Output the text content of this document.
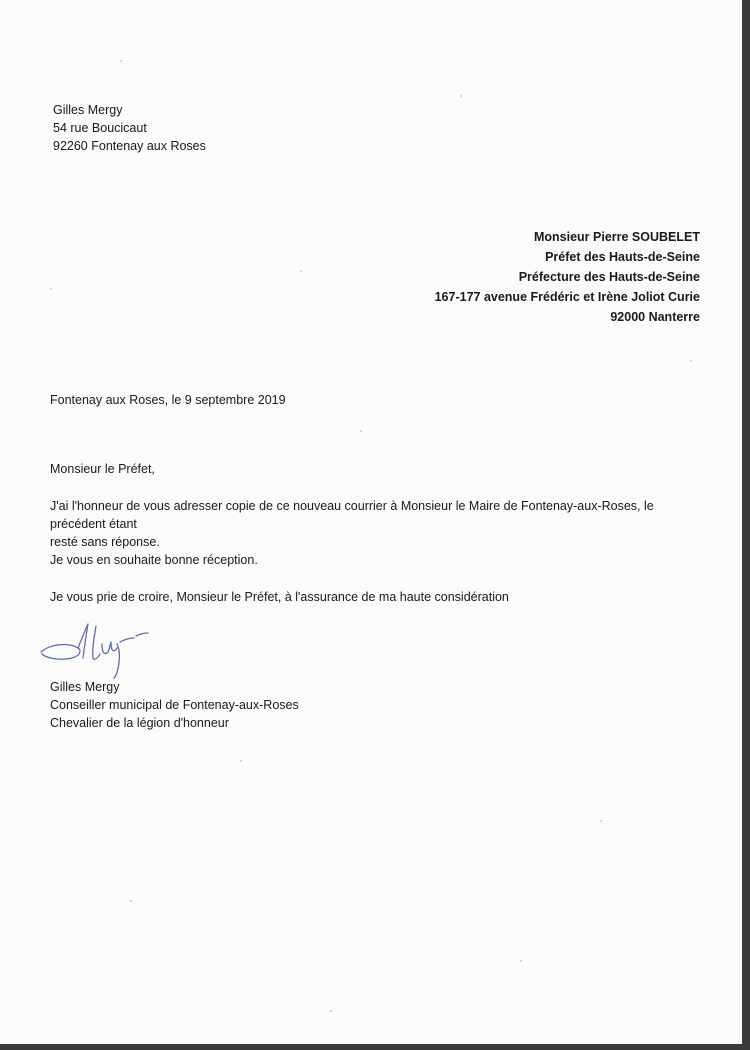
Gilles Mergy
54 rue Boucicaut
92260 Fontenay aux Roses
Monsieur Pierre SOUBELET
Préfet des Hauts-de-Seine
Préfecture des Hauts-de-Seine
167-177 avenue Frédéric et Irène Joliot Curie
92000 Nanterre
Fontenay aux Roses, le 9 septembre 2019
Monsieur le Préfet,
J'ai l'honneur de vous adresser copie de ce nouveau courrier à Monsieur le Maire de Fontenay-aux-Roses, le précédent étant
resté sans réponse.
Je vous en souhaite bonne réception.
Je vous prie de croire, Monsieur le Préfet, à l'assurance de ma haute considération
Gilles Mergy
Conseiller municipal de Fontenay-aux-Roses
Chevalier de la légion d'honneur
